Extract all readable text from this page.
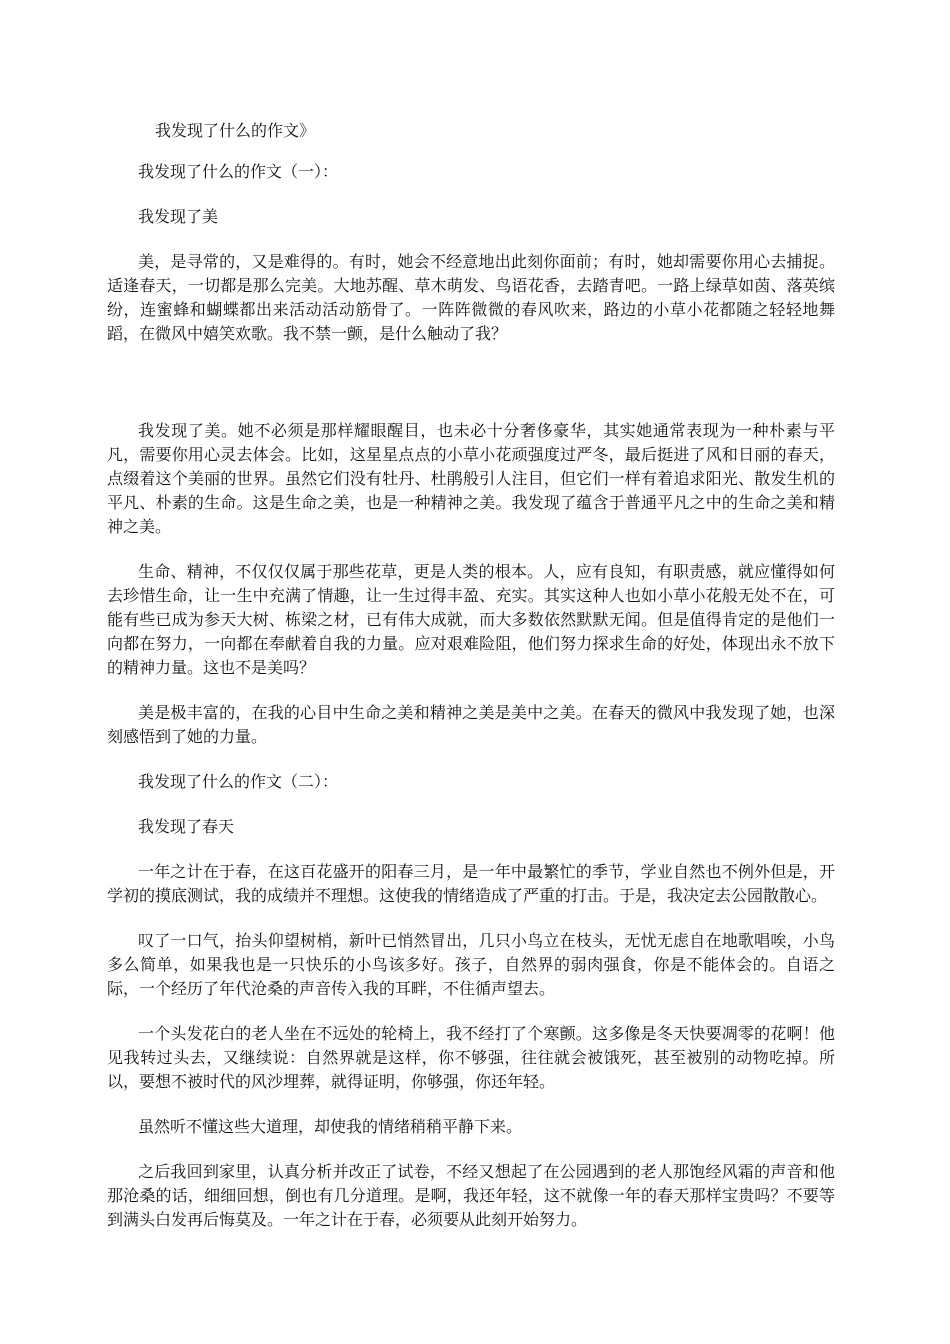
我发现了什么的作文》

我发现了什么的作文（一）：

我发现了美

美，是寻常的，又是难得的。有时，她会不经意地出此刻你面前；有时，她却需要你用心去捕捉。适逢春天，一切都是那么完美。大地苏醒、草木萌发、鸟语花香，去踏青吧。一路上绿草如茵、落英缤纷，连蜜蜂和蝴蝶都出来活动活动筋骨了。一阵阵微微的春风吹来，路边的小草小花都随之轻轻地舞蹈，在微风中嬉笑欢歌。我不禁一颤，是什么触动了我？

我发现了美。她不必须是那样耀眼醒目，也未必十分奢侈豪华，其实她通常表现为一种朴素与平凡，需要你用心灵去体会。比如，这星星点点的小草小花顽强度过严冬，最后挺进了风和日丽的春天，点缀着这个美丽的世界。虽然它们没有牡丹、杜鹃般引人注目，但它们一样有着追求阳光、散发生机的平凡、朴素的生命。这是生命之美，也是一种精神之美。我发现了蕴含于普通平凡之中的生命之美和精神之美。

生命、精神，不仅仅仅属于那些花草，更是人类的根本。人，应有良知，有职责感，就应懂得如何去珍惜生命，让一生中充满了情趣，让一生过得丰盈、充实。其实这种人也如小草小花般无处不在，可能有些已成为参天大树、栋梁之材，已有伟大成就，而大多数依然默默无闻。但是值得肯定的是他们一向都在努力，一向都在奉献着自我的力量。应对艰难险阻，他们努力探求生命的好处，体现出永不放下的精神力量。这也不是美吗？

美是极丰富的，在我的心目中生命之美和精神之美是美中之美。在春天的微风中我发现了她，也深刻感悟到了她的力量。

我发现了什么的作文（二）：

我发现了春天

一年之计在于春，在这百花盛开的阳春三月，是一年中最繁忙的季节，学业自然也不例外但是，开学初的摸底测试，我的成绩并不理想。这使我的情绪造成了严重的打击。于是，我决定去公园散散心。

叹了一口气，抬头仰望树梢，新叶已悄然冒出，几只小鸟立在枝头，无忧无虑自在地歌唱唉，小鸟多么简单，如果我也是一只快乐的小鸟该多好。孩子，自然界的弱肉强食，你是不能体会的。自语之际，一个经历了年代沧桑的声音传入我的耳畔，不住循声望去。

一个头发花白的老人坐在不远处的轮椅上，我不经打了个寒颤。这多像是冬天快要凋零的花啊！他见我转过头去，又继续说：自然界就是这样，你不够强，往往就会被饿死，甚至被别的动物吃掉。所以，要想不被时代的风沙埋葬，就得证明，你够强，你还年轻。

虽然听不懂这些大道理，却使我的情绪稍稍平静下来。

之后我回到家里，认真分析并改正了试卷，不经又想起了在公园遇到的老人那饱经风霜的声音和他那沧桑的话，细细回想，倒也有几分道理。是啊，我还年轻，这不就像一年的春天那样宝贵吗？不要等到满头白发再后悔莫及。一年之计在于春，必须要从此刻开始努力。
